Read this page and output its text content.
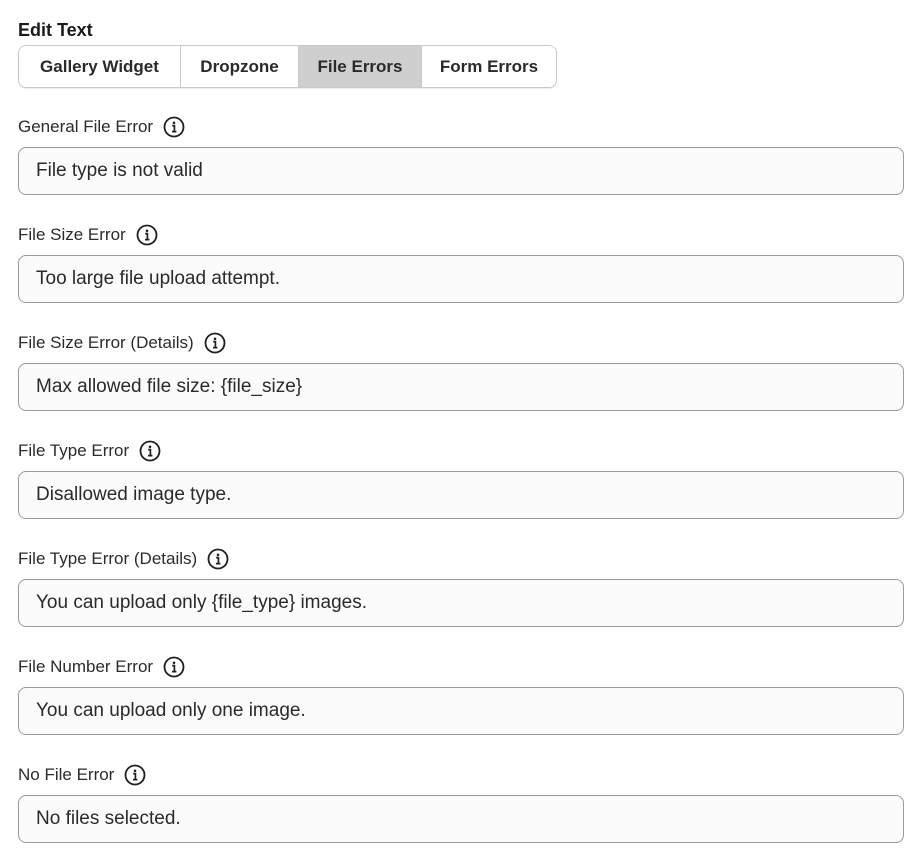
Edit Text
Gallery Widget	Dropzone	File Errors	Form Errors
General File Error
File type is not valid
File Size Error
Too large file upload attempt.
File Size Error (Details)
Max allowed file size: {file_size}
File Type Error
Disallowed image type.
File Type Error (Details)
You can upload only {file_type} images.
File Number Error
You can upload only one image.
No File Error
No files selected.
